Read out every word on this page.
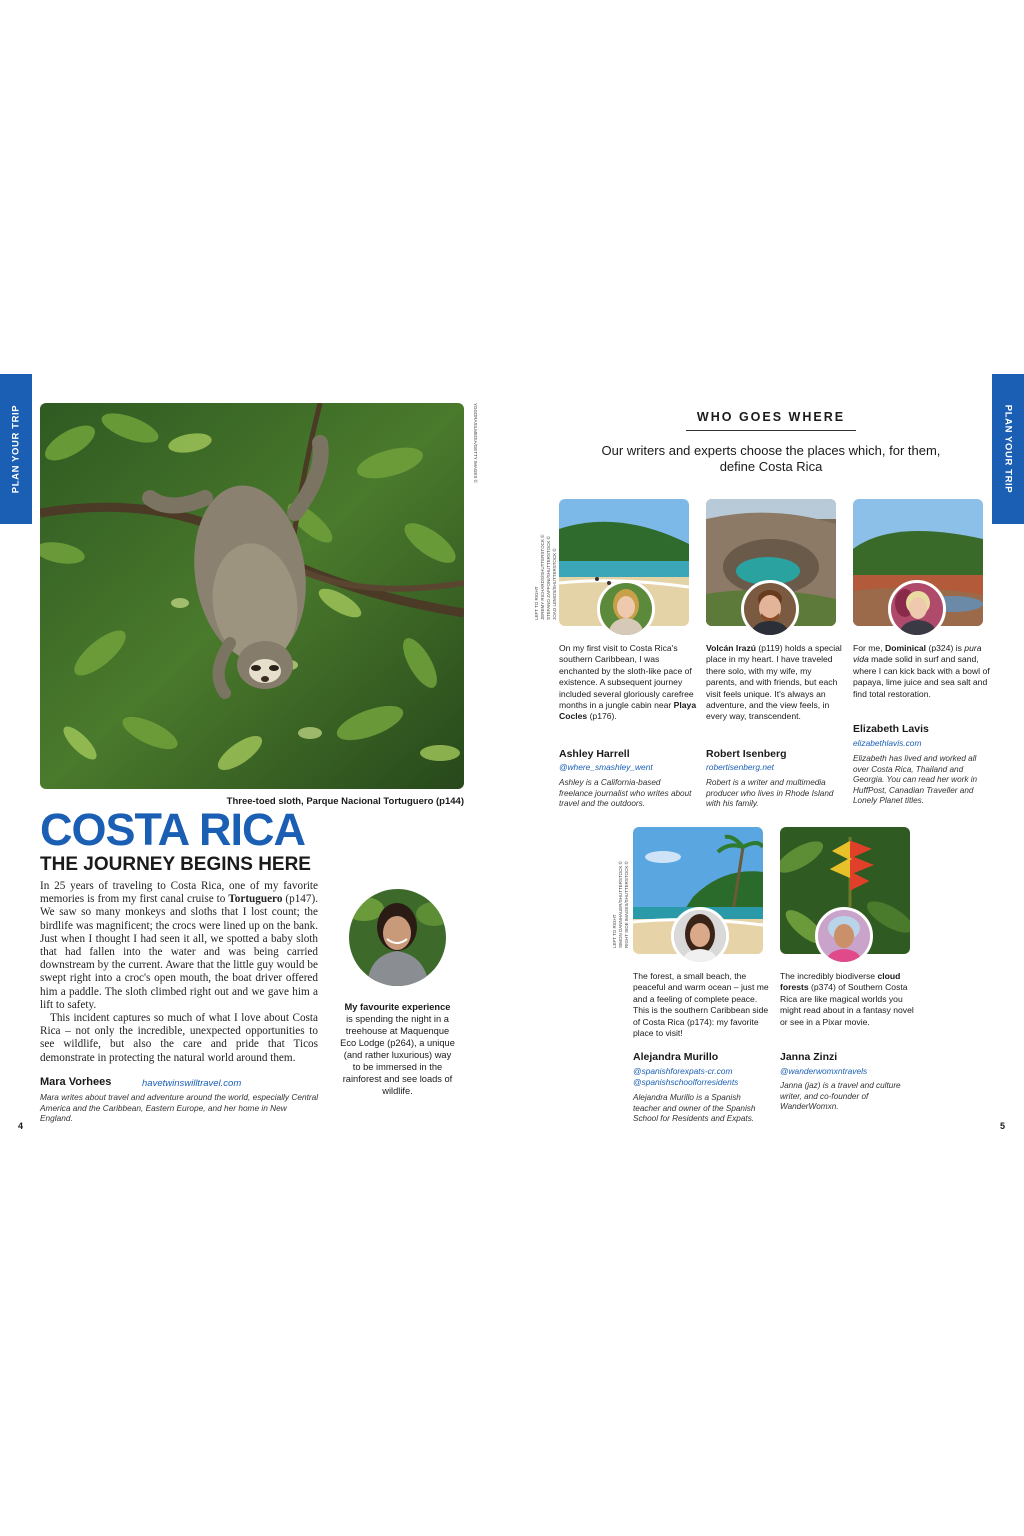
PLAN YOUR TRIP	PLAN YOUR TRIP
YGGDRASILMEDIA/GETTY IMAGES ©
LEFT TO RIGHT
JEREMY RICHARDS/SHUTTERSTOCK ©
STEFANO ZAFFONI/SHUTTERSTOCK ©
JOAO LEMOS/SHUTTERSTOCK ©
LEFT TO RIGHT
SIMON DANNHAUER/SHUTTERSTOCK ©
RIGHT SIDE IMAGES/SHUTTERSTOCK ©
Three-toed sloth, Parque Nacional Tortuguero (p144)
COSTA RICA
THE JOURNEY BEGINS HERE

In 25 years of traveling to Costa Rica, one of my favorite memories is from my first canal cruise to Tortuguero (p147). We saw so many monkeys and sloths that I lost count; the birdlife was magnificent; the crocs were lined up on the bank. Just when I thought I had seen it all, we spotted a baby sloth that had fallen into the water and was being carried downstream by the current. Aware that the little guy would be swept right into a croc's open mouth, the boat driver offered him a paddle. The sloth climbed right out and we gave him a lift to safety.

This incident captures so much of what I love about Costa Rica – not only the incredible, unexpected opportunities to see wildlife, but also the care and pride that Ticos demonstrate in protecting the natural world around them.

Mara Vorhees	havetwinswilltravel.com
Mara writes about travel and adventure around the world, especially Central America and the Caribbean, Eastern Europe, and her home in New England.
My favourite experience is spending the night in a treehouse at Maquenque Eco Lodge (p264), a unique (and rather luxurious) way to be immersed in the rainforest and see loads of wildlife.
4
WHO GOES WHERE
Our writers and experts choose the places which, for them, define Costa Rica
On my first visit to Costa Rica's southern Caribbean, I was enchanted by the sloth-like pace of existence. A subsequent journey included several gloriously carefree months in a jungle cabin near Playa Cocles (p176).
Ashley Harrell
@where_smashley_went
Ashley is a California-based freelance journalist who writes about travel and the outdoors.
Volcán Irazú (p119) holds a special place in my heart. I have traveled there solo, with my wife, my parents, and with friends, but each visit feels unique. It's always an adventure, and the view feels, in every way, transcendent.
Robert Isenberg
robertisenberg.net
Robert is a writer and multimedia producer who lives in Rhode Island with his family.
For me, Dominical (p324) is pura vida made solid in surf and sand, where I can kick back with a bowl of papaya, lime juice and sea salt and find total restoration.
Elizabeth Lavis
elizabethlavis.com
Elizabeth has lived and worked all over Costa Rica, Thailand and Georgia. You can read her work in HuffPost, Canadian Traveller and Lonely Planet titles.
The forest, a small beach, the peaceful and warm ocean – just me and a feeling of complete peace. This is the southern Caribbean side of Costa Rica (p174): my favorite place to visit!
Alejandra Murillo
@spanishforexpats-cr.com
@spanishschoolforresidents
Alejandra Murillo is a Spanish teacher and owner of the Spanish School for Residents and Expats.
The incredibly biodiverse cloud forests (p374) of Southern Costa Rica are like magical worlds you might read about in a fantasy novel or see in a Pixar movie.
Janna Zinzi
@wanderwomxntravels
Janna (jaz) is a travel and culture writer, and co-founder of WanderWomxn.
5
